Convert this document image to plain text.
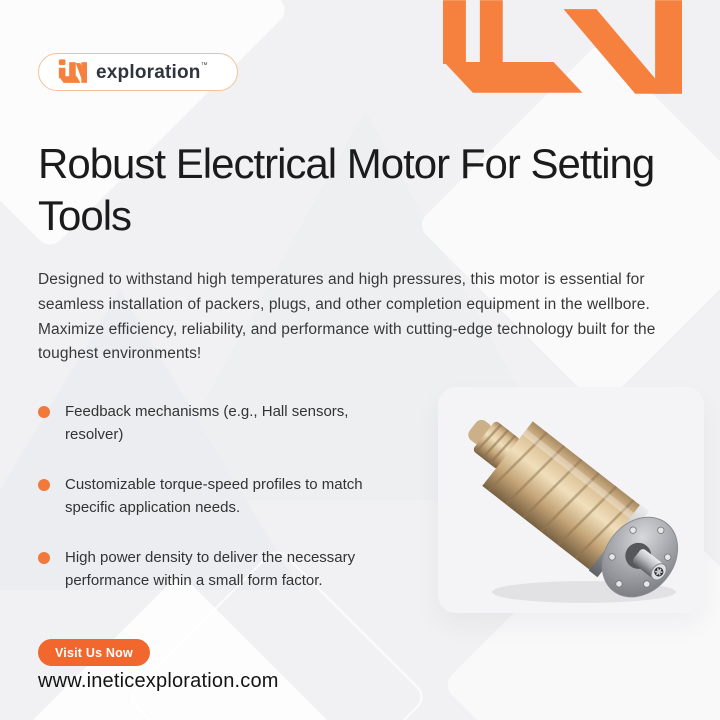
exploration™
Robust Electrical Motor For Setting Tools

Designed to withstand high temperatures and high pressures, this motor is essential for seamless installation of packers, plugs, and other completion equipment in the wellbore. Maximize efficiency, reliability, and performance with cutting-edge technology built for the toughest environments!

Feedback mechanisms (e.g., Hall sensors, resolver)
Customizable torque-speed profiles to match specific application needs.
High power density to deliver the necessary performance within a small form factor.
Visit Us Now
www.ineticexploration.com
